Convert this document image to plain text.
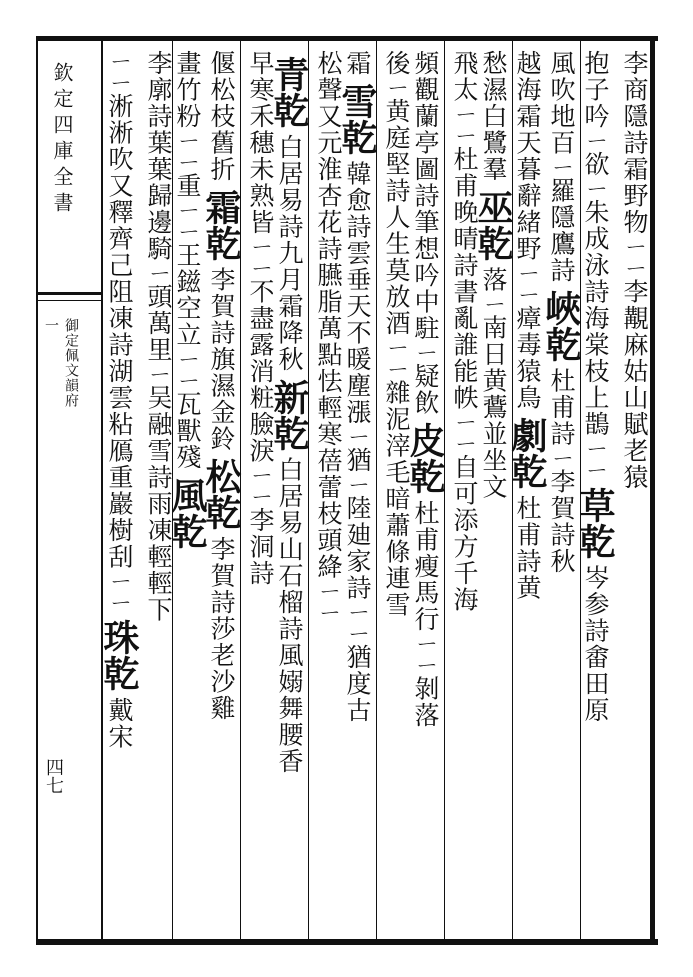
欽定四庫全書
御定佩文韻府
一
四七
李商隱詩霜野物ㄧㄧ李覯麻姑山賦老猿
抱子吟ㄧ欲ㄧ朱成泳詩海棠枝上鵲ㄧㄧ草乾岑参詩畬田原
風吹地百ㄧ羅隱鷹詩峽乾杜甫詩ㄧ李賀詩秋
越海霜天暮辭緒野ㄧㄧ瘴毒猿鳥劇乾杜甫詩黄
愁濕白鷺羣巫乾落ㄧ南日黄鷰並坐文
飛太ㄧㄧ杜甫晚晴詩書亂誰能帙ㄧㄧ自可添方千海
頻觀蘭亭圖詩筆想吟中駐ㄧ疑飲皮乾杜甫瘦馬行ㄧㄧ剝落
後ㄧ黄庭堅詩人生莫放酒ㄧㄧ雜泥滓毛暗蕭條連雪
霜雪乾韓愈詩雲垂天不暖塵漲ㄧ猶ㄧ陸廸家詩ㄧㄧ猶度古
松聲又元淮杏花詩臙脂萬點怯輕寒蓓蕾枝頭絳ㄧㄧ
青乾白居易詩九月霜降秋新乾白居易山石榴詩風嫋舞腰香
早寒禾穗未熟皆ㄧㄧ不盡露消粧臉淚ㄧㄧ李洞詩
偃松枝舊折霜乾李賀詩旗濕金鈴松乾李賀詩莎老沙雞
畫竹粉ㄧㄧ重ㄧㄧ王鎡空立ㄧㄧ瓦獸殘風乾
李廓詩葉葉歸邊騎ㄧ頭萬里ㄧ吴融雪詩雨凍輕輕下
ㄧㄧ淅淅吹又釋齊己阻凍詩湖雲粘鴈重巖樹刮ㄧㄧ珠乾戴宋
